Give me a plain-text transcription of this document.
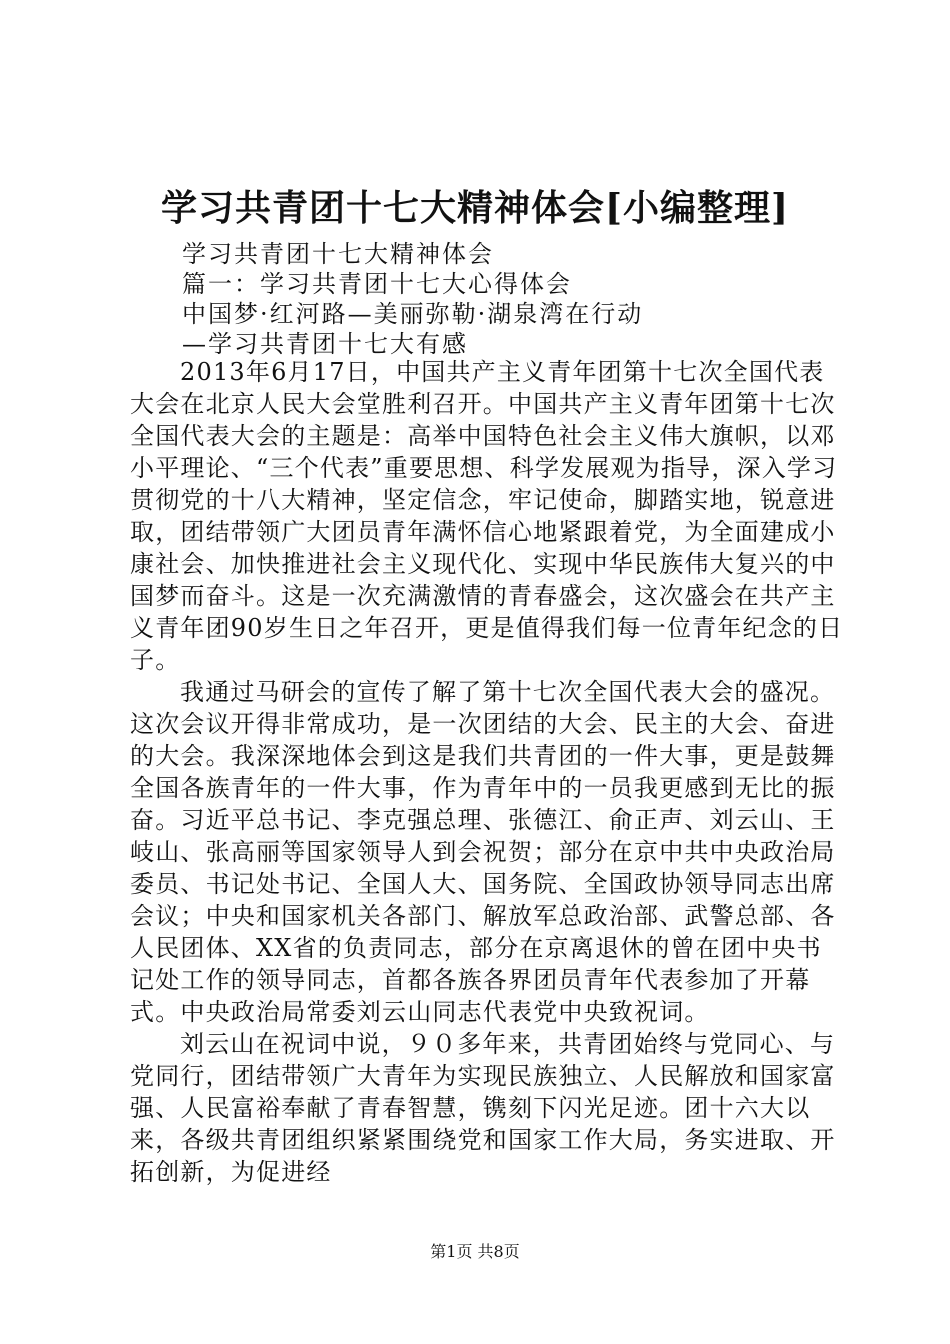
学习共青团十七大精神体会[小编整理]
学习共青团十七大精神体会
篇一：学习共青团十七大心得体会
中国梦·红河路—美丽弥勒·湖泉湾在行动
—学习共青团十七大有感

2013年6月17日，中国共产主义青年团第十七次全国代表大会在北京人民大会堂胜利召开。中国共产主义青年团第十七次全国代表大会的主题是：高举中国特色社会主义伟大旗帜，以邓小平理论、“三个代表”重要思想、科学发展观为指导，深入学习贯彻党的十八大精神，坚定信念，牢记使命，脚踏实地，锐意进取，团结带领广大团员青年满怀信心地紧跟着党，为全面建成小康社会、加快推进社会主义现代化、实现中华民族伟大复兴的中国梦而奋斗。这是一次充满激情的青春盛会，这次盛会在共产主义青年团90岁生日之年召开，更是值得我们每一位青年纪念的日子。

我通过马研会的宣传了解了第十七次全国代表大会的盛况。这次会议开得非常成功，是一次团结的大会、民主的大会、奋进的大会。我深深地体会到这是我们共青团的一件大事，更是鼓舞全国各族青年的一件大事，作为青年中的一员我更感到无比的振奋。习近平总书记、李克强总理、张德江、俞正声、刘云山、王岐山、张高丽等国家领导人到会祝贺；部分在京中共中央政治局委员、书记处书记、全国人大、国务院、全国政协领导同志出席会议；中央和国家机关各部门、解放军总政治部、武警总部、各人民团体、XX省的负责同志，部分在京离退休的曾在团中央书记处工作的领导同志，首都各族各界团员青年代表参加了开幕式。中央政治局常委刘云山同志代表党中央致祝词。

刘云山在祝词中说，９０多年来，共青团始终与党同心、与党同行，团结带领广大青年为实现民族独立、人民解放和国家富强、人民富裕奉献了青春智慧，镌刻下闪光足迹。团十六大以来，各级共青团组织紧紧围绕党和国家工作大局，务实进取、开拓创新，为促进经

第1页 共8页
